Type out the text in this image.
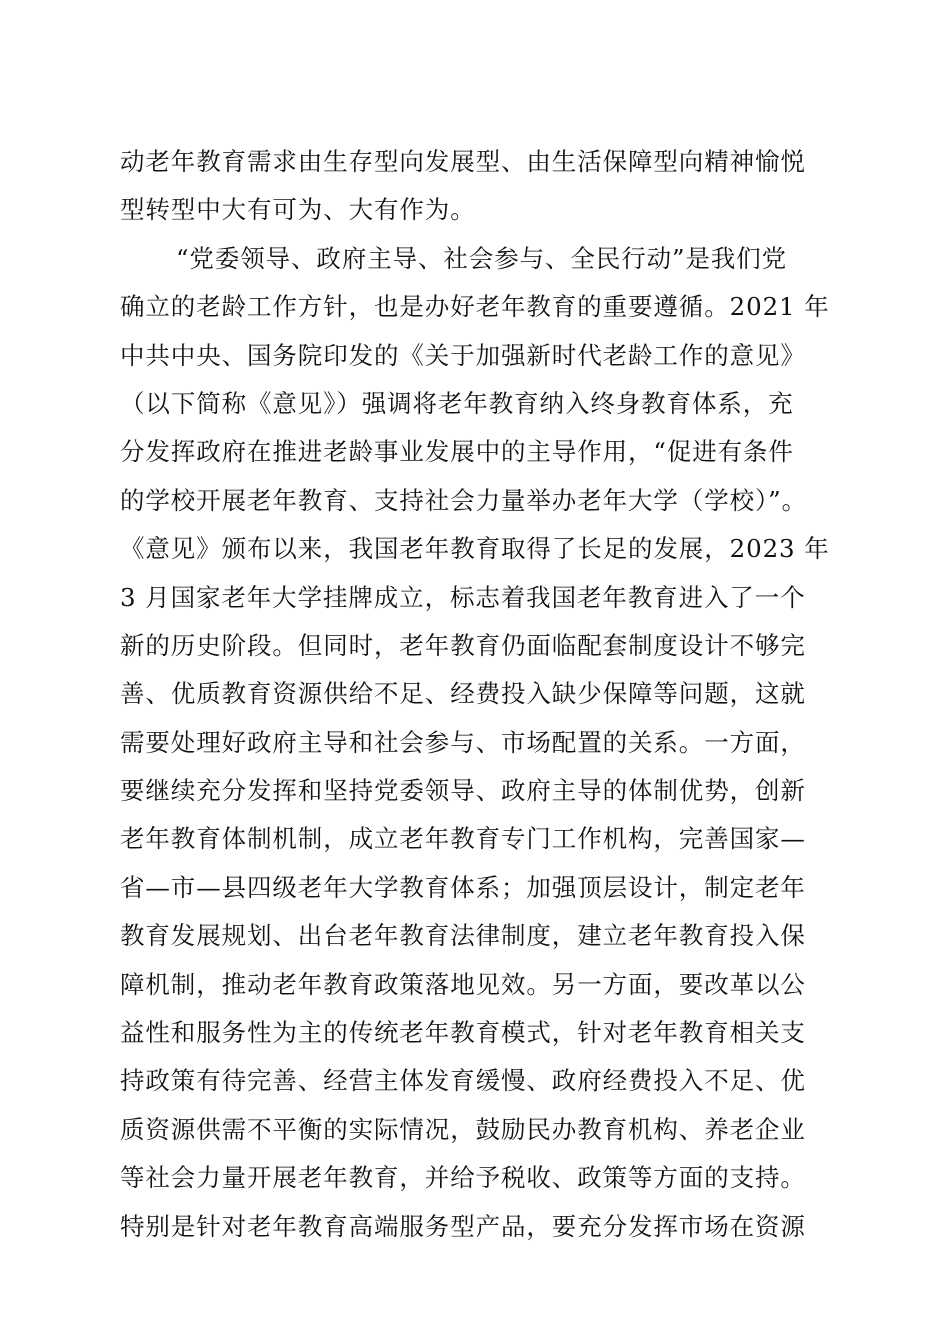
动老年教育需求由生存型向发展型、由生活保障型向精神愉悦
型转型中大有可为、大有作为。
“党委领导、政府主导、社会参与、全民行动”是我们党
确立的老龄工作方针，也是办好老年教育的重要遵循。2021 年
中共中央、国务院印发的《关于加强新时代老龄工作的意见》
（以下简称《意见》）强调将老年教育纳入终身教育体系，充
分发挥政府在推进老龄事业发展中的主导作用，“促进有条件
的学校开展老年教育、支持社会力量举办老年大学（学校）”。
《意见》颁布以来，我国老年教育取得了长足的发展，2023 年
3 月国家老年大学挂牌成立，标志着我国老年教育进入了一个
新的历史阶段。但同时，老年教育仍面临配套制度设计不够完
善、优质教育资源供给不足、经费投入缺少保障等问题，这就
需要处理好政府主导和社会参与、市场配置的关系。一方面，
要继续充分发挥和坚持党委领导、政府主导的体制优势，创新
老年教育体制机制，成立老年教育专门工作机构，完善国家—
省—市—县四级老年大学教育体系；加强顶层设计，制定老年
教育发展规划、出台老年教育法律制度，建立老年教育投入保
障机制，推动老年教育政策落地见效。另一方面，要改革以公
益性和服务性为主的传统老年教育模式，针对老年教育相关支
持政策有待完善、经营主体发育缓慢、政府经费投入不足、优
质资源供需不平衡的实际情况，鼓励民办教育机构、养老企业
等社会力量开展老年教育，并给予税收、政策等方面的支持。
特别是针对老年教育高端服务型产品，要充分发挥市场在资源
